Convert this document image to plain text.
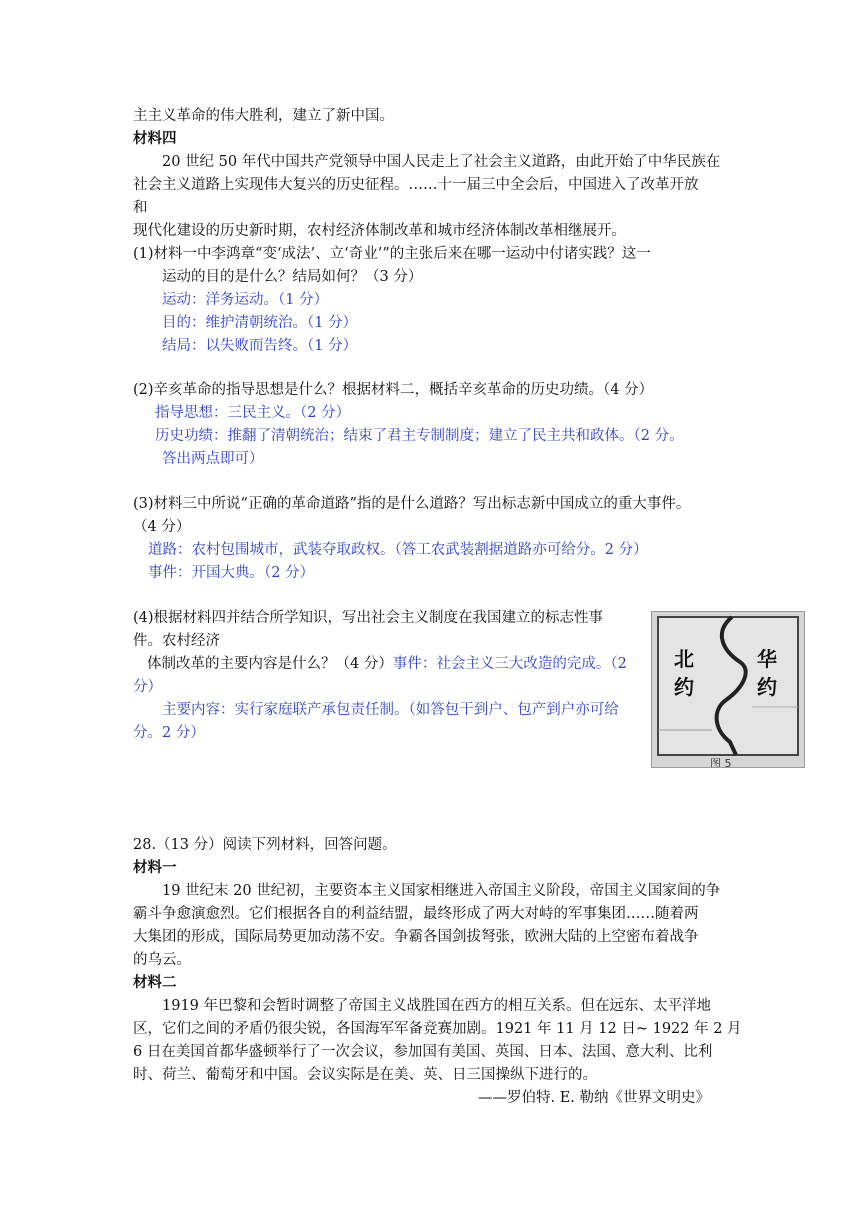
主主义革命的伟大胜利，建立了新中国。
材料四
20 世纪 50 年代中国共产党领导中国人民走上了社会主义道路，由此开始了中华民族在
社会主义道路上实现伟大复兴的历史征程。……十一届三中全会后，中国进入了改革开放
和
现代化建设的历史新时期，农村经济体制改革和城市经济体制改革相继展开。
(1)材料一中李鸿章“变‘成法’、立‘奇业’”的主张后来在哪一运动中付诸实践？这一
运动的目的是什么？结局如何？（3 分）
运动：洋务运动。（1 分）
目的：维护清朝统治。（1 分）
结局：以失败而告终。（1 分）
(2)辛亥革命的指导思想是什么？根据材料二，概括辛亥革命的历史功绩。（4 分）
指导思想：三民主义。（2 分）
历史功绩：推翻了清朝统治；结束了君主专制制度；建立了民主共和政体。（2 分。
答出两点即可）
(3)材料三中所说“正确的革命道路”指的是什么道路？写出标志新中国成立的重大事件。
（4 分）
道路：农村包围城市，武装夺取政权。（答工农武装割据道路亦可给分。2 分）
事件：开国大典。（2 分）
(4)根据材料四并结合所学知识，写出社会主义制度在我国建立的标志性事
件。农村经济
体制改革的主要内容是什么？（4 分）事件：社会主义三大改造的完成。（2
分）
主要内容：实行家庭联产承包责任制。（如答包干到户、包产到户亦可给
分。2 分）
北
约
华
约
图 5
28.（13 分）阅读下列材料，回答问题。
材料一
19 世纪末 20 世纪初，主要资本主义国家相继进入帝国主义阶段，帝国主义国家间的争
霸斗争愈演愈烈。它们根据各自的利益结盟，最终形成了两大对峙的军事集团……随着两
大集团的形成，国际局势更加动荡不安。争霸各国剑拔弩张，欧洲大陆的上空密布着战争
的乌云。
材料二
1919 年巴黎和会暂时调整了帝国主义战胜国在西方的相互关系。但在远东、太平洋地
区，它们之间的矛盾仍很尖锐，各国海军军备竞赛加剧。1921 年 11 月 12 日~ 1922 年 2 月
6 日在美国首都华盛顿举行了一次会议，参加国有美国、英国、日本、法国、意大利、比利
时、荷兰、葡萄牙和中国。会议实际是在美、英、日三国操纵下进行的。
——罗伯特. E. 勒纳《世界文明史》
